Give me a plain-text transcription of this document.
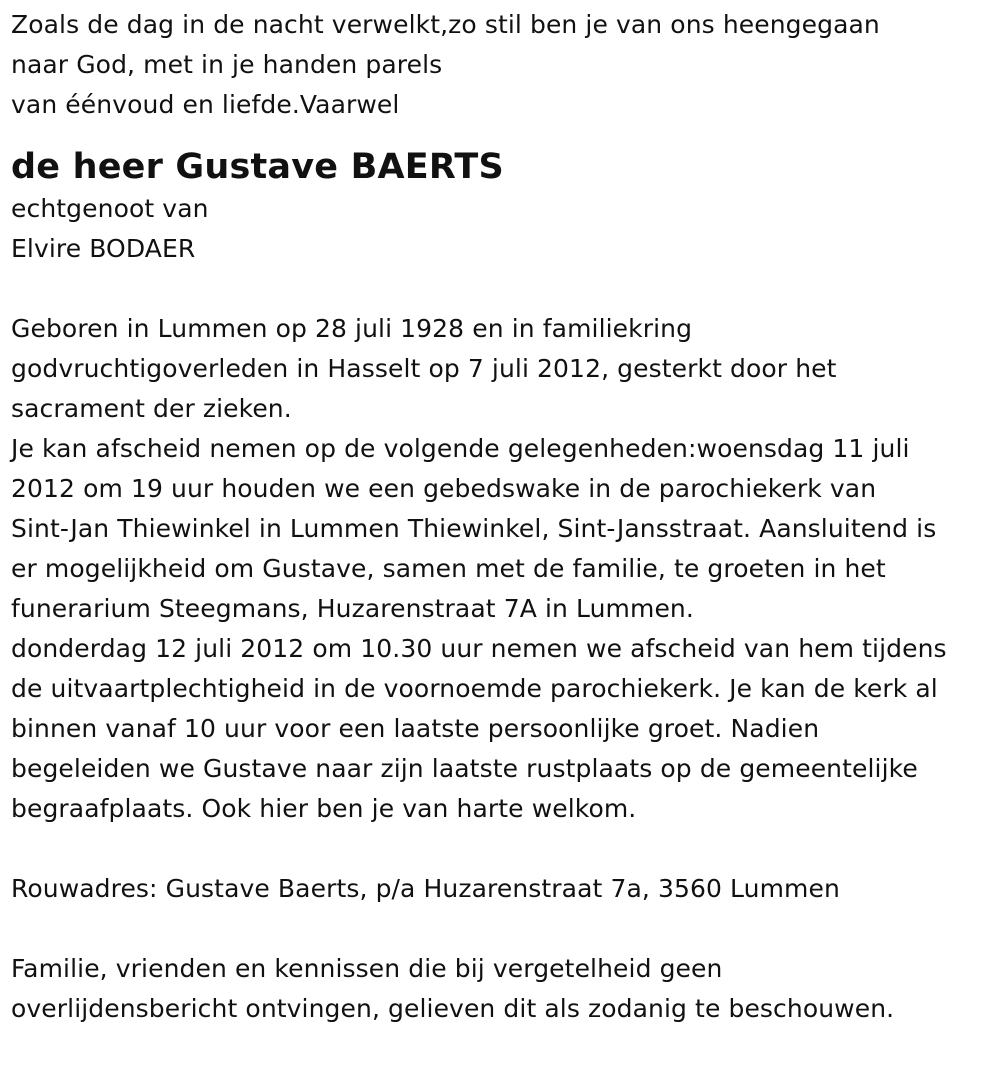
Zoals de dag in de nacht verwelkt,zo stil ben je van ons heengegaan
naar God, met in je handen parels
van éénvoud en liefde.Vaarwel
de heer Gustave BAERTS
echtgenoot van
Elvire BODAER
Geboren in Lummen op 28 juli 1928 en in familiekring
godvruchtigoverleden in Hasselt op 7 juli 2012, gesterkt door het
sacrament der zieken.
Je kan afscheid nemen op de volgende gelegenheden:woensdag 11 juli
2012 om 19 uur houden we een gebedswake in de parochiekerk van
Sint-Jan Thiewinkel in Lummen Thiewinkel, Sint-Jansstraat. Aansluitend is
er mogelijkheid om Gustave, samen met de familie, te groeten in het
funerarium Steegmans, Huzarenstraat 7A in Lummen.
donderdag 12 juli 2012 om 10.30 uur nemen we afscheid van hem tijdens
de uitvaartplechtigheid in de voornoemde parochiekerk. Je kan de kerk al
binnen vanaf 10 uur voor een laatste persoonlijke groet. Nadien
begeleiden we Gustave naar zijn laatste rustplaats op de gemeentelijke
begraafplaats. Ook hier ben je van harte welkom.
Rouwadres: Gustave Baerts, p/a Huzarenstraat 7a, 3560 Lummen
Familie, vrienden en kennissen die bij vergetelheid geen
overlijdensbericht ontvingen, gelieven dit als zodanig te beschouwen.
